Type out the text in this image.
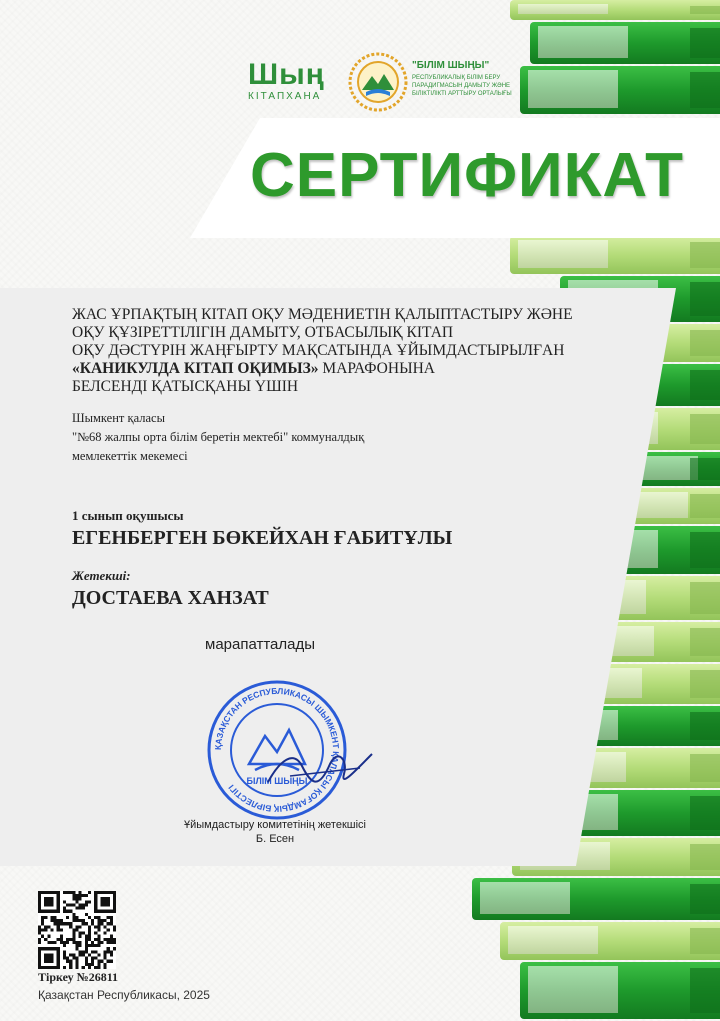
Шың
КІТАПХАНА
"БІЛІМ ШЫҢЫ"
РЕСПУБЛИКАЛЫҚ БІЛІМ БЕРУ ПАРАДИГМАСЫН ДАМЫТУ ЖӘНЕ БІЛІКТІЛІКТІ АРТТЫРУ ОРТАЛЫҒЫ
СЕРТИФИКАТ
ЖАС ҰРПАҚТЫҢ КІТАП ОҚУ МӘДЕНИЕТІН ҚАЛЫПТАСТЫРУ ЖӘНЕ
ОҚУ ҚҰЗІРЕТТІЛІГІН ДАМЫТУ, ОТБАСЫЛЫҚ КІТАП
ОҚУ ДӘСТҮРІН ЖАҢҒЫРТУ МАҚСАТЫНДА ҰЙЫМДАСТЫРЫЛҒАН
«КАНИКУЛДА КІТАП ОҚИМЫЗ» МАРАФОНЫНА
БЕЛСЕНДІ ҚАТЫСҚАНЫ ҮШІН
Шымкент қаласы
"№68 жалпы орта білім беретін мектебі" коммуналдық
мемлекеттік мекемесі
1 сынып оқушысы
ЕГЕНБЕРГЕН БӨКЕЙХАН ҒАБИТҰЛЫ
Жетекші:
ДОСТАЕВА ХАНЗАТ
марапатталады
ҚАЗАҚСТАН РЕСПУБЛИКАСЫ ШЫМКЕНТ ҚАЛАСЫ ҚОҒАМДЫҚ БІРЛЕСТІГІ
БІЛІМ ШЫҢЫ
Ұйымдастыру комитетінің жетекшісі
Б. Есен
Тіркеу №26811
Қазақстан Республикасы, 2025
